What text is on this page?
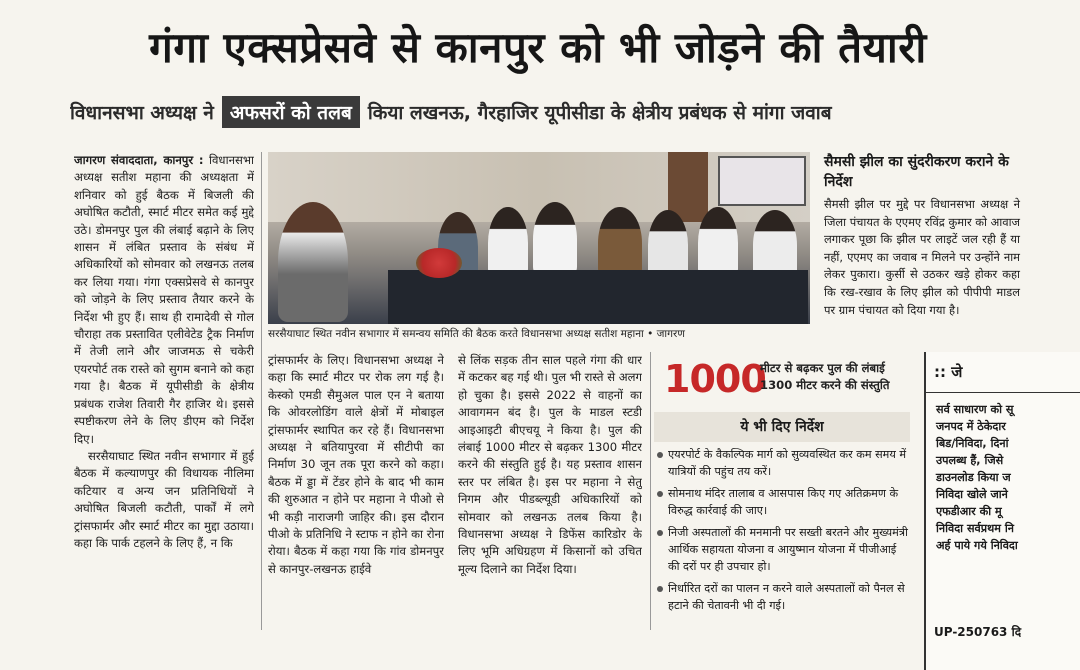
गंगा एक्सप्रेसवे से कानपुर को भी जोड़ने की तैयारी
विधानसभा अध्यक्ष ने अफसरों को तलब किया लखनऊ, गैरहाजिर यूपीसीडा के क्षेत्रीय प्रबंधक से मांगा जवाब

जागरण संवाददाता, कानपुर : विधानसभा अध्यक्ष सतीश महाना की अध्यक्षता में शनिवार को हुई बैठक में बिजली की अघोषित कटौती, स्मार्ट मीटर समेत कई मुद्दे उठे। डोमनपुर पुल की लंबाई बढ़ाने के लिए शासन में लंबित प्रस्ताव के संबंध में अधिकारियों को सोमवार को लखनऊ तलब कर लिया गया। गंगा एक्सप्रेसवे से कानपुर को जोड़ने के लिए प्रस्ताव तैयार करने के निर्देश भी हुए हैं। साथ ही रामादेवी से गोल चौराहा तक प्रस्तावित एलीवेटेड ट्रैक निर्माण में तेजी लाने और जाजमऊ से चकेरी एयरपोर्ट तक रास्ते को सुगम बनाने को कहा गया है। बैठक में यूपीसीडी के क्षेत्रीय प्रबंधक राजेश तिवारी गैर हाजिर थे। इससे स्पष्टीकरण लेने के लिए डीएम को निर्देश दिए।

सरसैयाघाट स्थित नवीन सभागार में हुई बैठक में कल्याणपुर की विधायक नीलिमा कटियार व अन्य जन प्रतिनिधियों ने अघोषित बिजली कटौती, पार्कों में लगे ट्रांसफार्मर और स्मार्ट मीटर का मुद्दा उठाया। कहा कि पार्क टहलने के लिए हैं, न कि

सरसैयाघाट स्थित नवीन सभागार में समन्वय समिति की बैठक करते विधानसभा अध्यक्ष सतीश महाना • जागरण
सैमसी झील का सुंदरीकरण कराने के निर्देश
सैमसी झील पर मुद्दे पर विधानसभा अध्यक्ष ने जिला पंचायत के एएमए रविंद्र कुमार को आवाज लगाकर पूछा कि झील पर लाइटें जल रही हैं या नहीं, एएमए का जवाब न मिलने पर उन्होंने नाम लेकर पुकारा। कुर्सी से उठकर खड़े होकर कहा कि रख-रखाव के लिए झील को पीपीपी माडल पर ग्राम पंचायत को दिया गया है।

ट्रांसफार्मर के लिए। विधानसभा अध्यक्ष ने कहा कि स्मार्ट मीटर पर रोक लग गई है। केस्को एमडी सैमुअल पाल एन ने बताया कि ओवरलोडिंग वाले क्षेत्रों में मोबाइल ट्रांसफार्मर स्थापित कर रहे हैं। विधानसभा अध्यक्ष ने बतियापुरवा में सीटीपी का निर्माण 30 जून तक पूरा करने को कहा। बैठक में ड्डा में टेंडर होने के बाद भी काम की शुरुआत न होने पर महाना ने पीओ से भी कड़ी नाराजगी जाहिर की। इस दौरान पीओ के प्रतिनिधि ने स्टाफ न होने का रोना रोया। बैठक में कहा गया कि गांव डोमनपुर से कानपुर-लखनऊ हाईवे

से लिंक सड़क तीन साल पहले गंगा की धार में कटकर बह गई थी। पुल भी रास्ते से अलग हो चुका है। इससे 2022 से वाहनों का आवागमन बंद है। पुल के माडल स्टडी आइआइटी बीएचयू ने किया है। पुल की लंबाई 1000 मीटर से बढ़कर 1300 मीटर करने की संस्तुति हुई है। यह प्रस्ताव शासन स्तर पर लंबित है। इस पर महाना ने सेतु निगम और पीडब्ल्यूडी अधिकारियों को सोमवार को लखनऊ तलब किया है। विधानसभा अध्यक्ष ने डिफेंस कारिडोर के लिए भूमि अधिग्रहण में किसानों को उचित मूल्य दिलाने का निर्देश दिया।

1000
मीटर से बढ़कर पुल की लंबाई 1300 मीटर करने की संस्तुति
ये भी दिए निर्देश
एयरपोर्ट के वैकल्पिक मार्ग को सुव्यवस्थित कर कम समय में यात्रियों की पहुंच तय करें।
सोमनाथ मंदिर तालाब व आसपास किए गए अतिक्रमण के विरुद्ध कार्रवाई की जाए।
निजी अस्पतालों की मनमानी पर सख्ती बरतने और मुख्यमंत्री आर्थिक सहायता योजना व आयुष्मान योजना में पीजीआई की दरों पर ही उपचार हो।
निर्धारित दरों का पालन न करने वाले अस्पतालों को पैनल से हटाने की चेतावनी भी दी गई।
:: जे
सर्व साधारण को सू
जनपद में ठेकेदार
बिड/निविदा, दिनां
उपलब्ध हैं, जिसे
डाउनलोड किया ज
निविदा खोले जाने
एफडीआर की मू
निविदा सर्वप्रथम नि
अर्ह पाये गये निविदा
UP-250763 दि
